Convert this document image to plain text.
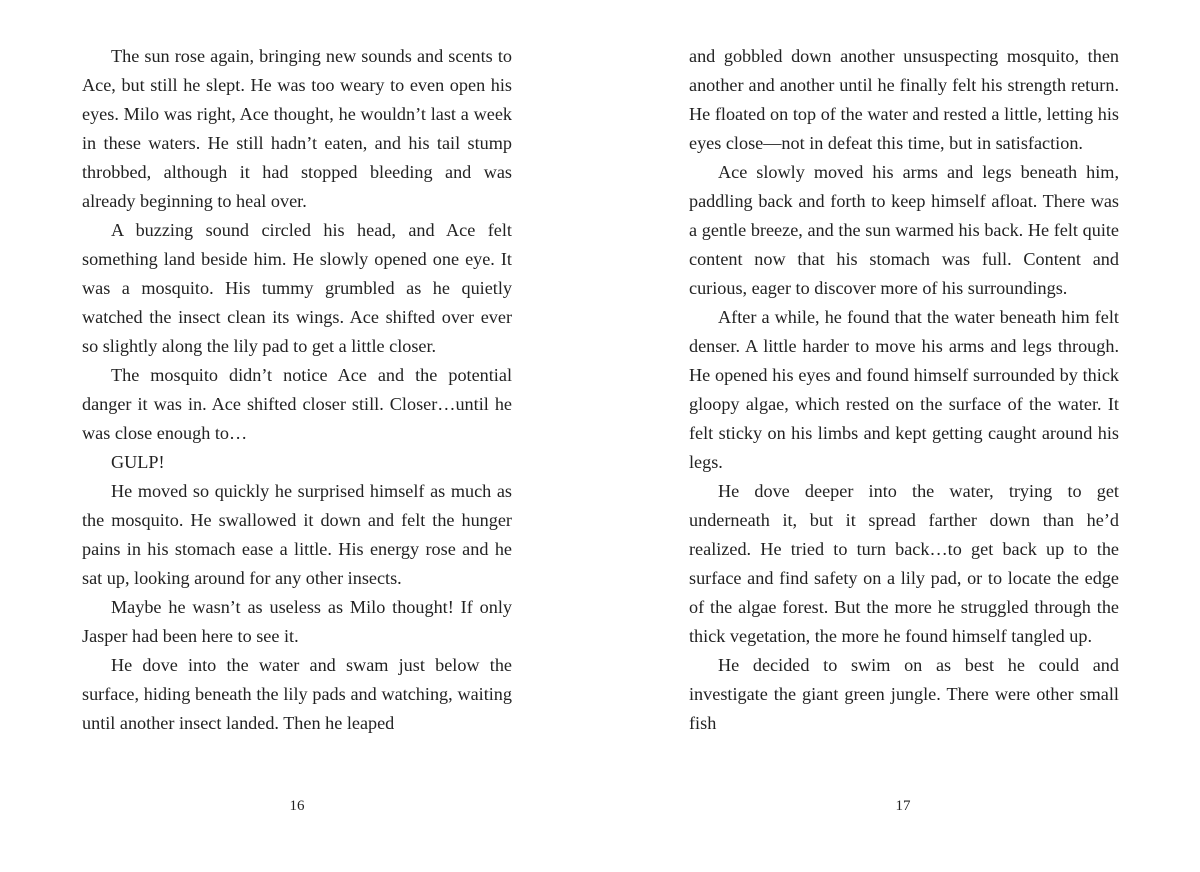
The sun rose again, bringing new sounds and scents to Ace, but still he slept. He was too weary to even open his eyes. Milo was right, Ace thought, he wouldn’t last a week in these waters. He still hadn’t eaten, and his tail stump throbbed, although it had stopped bleeding and was already beginning to heal over.

A buzzing sound circled his head, and Ace felt something land beside him. He slowly opened one eye. It was a mosquito. His tummy grumbled as he quietly watched the insect clean its wings. Ace shifted over ever so slightly along the lily pad to get a little closer.

The mosquito didn’t notice Ace and the potential danger it was in. Ace shifted closer still. Closer…until he was close enough to…

GULP!

He moved so quickly he surprised himself as much as the mosquito. He swallowed it down and felt the hunger pains in his stomach ease a little. His energy rose and he sat up, looking around for any other insects.

Maybe he wasn’t as useless as Milo thought! If only Jasper had been here to see it.

He dove into the water and swam just below the surface, hiding beneath the lily pads and watching, waiting until another insect landed. Then he leaped

16

and gobbled down another unsuspecting mosquito, then another and another until he finally felt his strength return. He floated on top of the water and rested a little, letting his eyes close—not in defeat this time, but in satisfaction.

Ace slowly moved his arms and legs beneath him, paddling back and forth to keep himself afloat. There was a gentle breeze, and the sun warmed his back. He felt quite content now that his stomach was full. Content and curious, eager to discover more of his surroundings.

After a while, he found that the water beneath him felt denser. A little harder to move his arms and legs through. He opened his eyes and found himself surrounded by thick gloopy algae, which rested on the surface of the water. It felt sticky on his limbs and kept getting caught around his legs.

He dove deeper into the water, trying to get underneath it, but it spread farther down than he’d realized. He tried to turn back…to get back up to the surface and find safety on a lily pad, or to locate the edge of the algae forest. But the more he struggled through the thick vegetation, the more he found himself tangled up.

He decided to swim on as best he could and investigate the giant green jungle. There were other small fish

17
